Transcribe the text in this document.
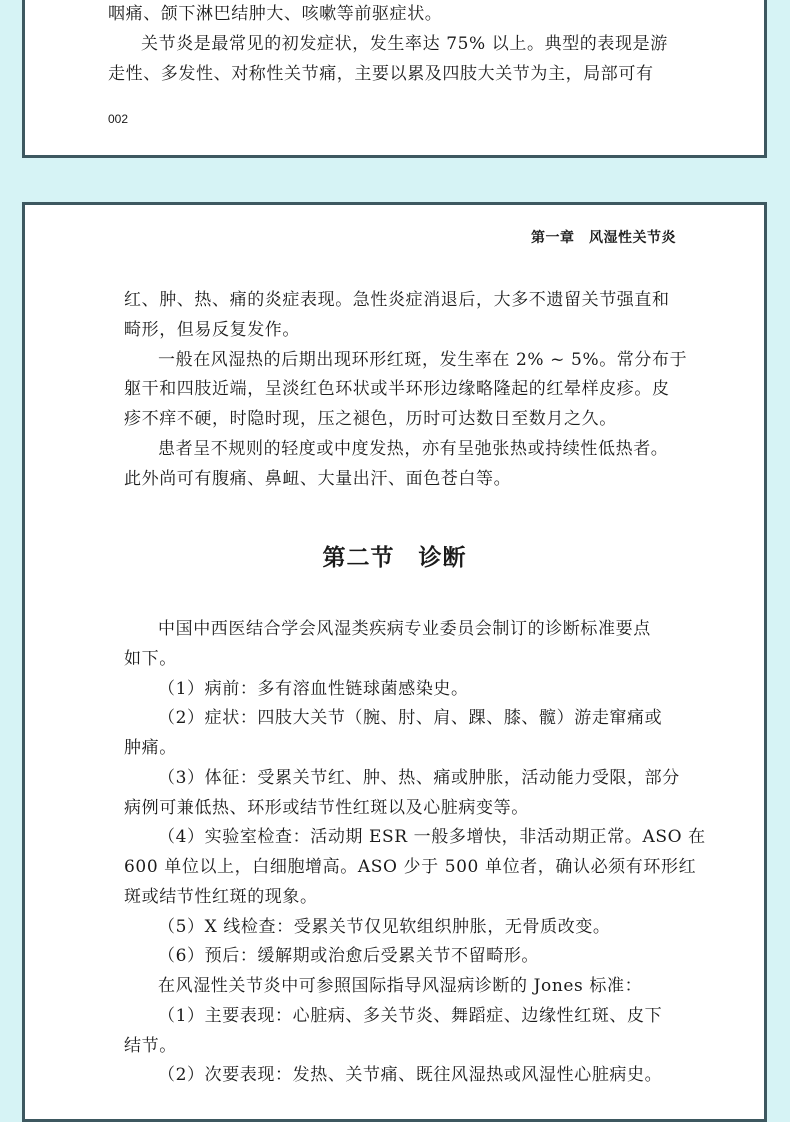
咽痛、颌下淋巴结肿大、咳嗽等前驱症状。
关节炎是最常见的初发症状，发生率达 75% 以上。典型的表现是游
走性、多发性、对称性关节痛，主要以累及四肢大关节为主，局部可有
002
第一章　风湿性关节炎
红、肿、热、痛的炎症表现。急性炎症消退后，大多不遗留关节强直和
畸形，但易反复发作。
一般在风湿热的后期出现环形红斑，发生率在 2% ~ 5%。常分布于
躯干和四肢近端，呈淡红色环状或半环形边缘略隆起的红晕样皮疹。皮
疹不痒不硬，时隐时现，压之褪色，历时可达数日至数月之久。
患者呈不规则的轻度或中度发热，亦有呈弛张热或持续性低热者。
此外尚可有腹痛、鼻衄、大量出汗、面色苍白等。
第二节　诊断
中国中西医结合学会风湿类疾病专业委员会制订的诊断标准要点
如下。
（1）病前：多有溶血性链球菌感染史。
（2）症状：四肢大关节（腕、肘、肩、踝、膝、髋）游走窜痛或
肿痛。
（3）体征：受累关节红、肿、热、痛或肿胀，活动能力受限，部分
病例可兼低热、环形或结节性红斑以及心脏病变等。
（4）实验室检查：活动期 ESR 一般多增快，非活动期正常。ASO 在
600 单位以上，白细胞增高。ASO 少于 500 单位者，确认必须有环形红
斑或结节性红斑的现象。
（5）X 线检查：受累关节仅见软组织肿胀，无骨质改变。
（6）预后：缓解期或治愈后受累关节不留畸形。
在风湿性关节炎中可参照国际指导风湿病诊断的 Jones 标准：
（1）主要表现：心脏病、多关节炎、舞蹈症、边缘性红斑、皮下
结节。
（2）次要表现：发热、关节痛、既往风湿热或风湿性心脏病史。
